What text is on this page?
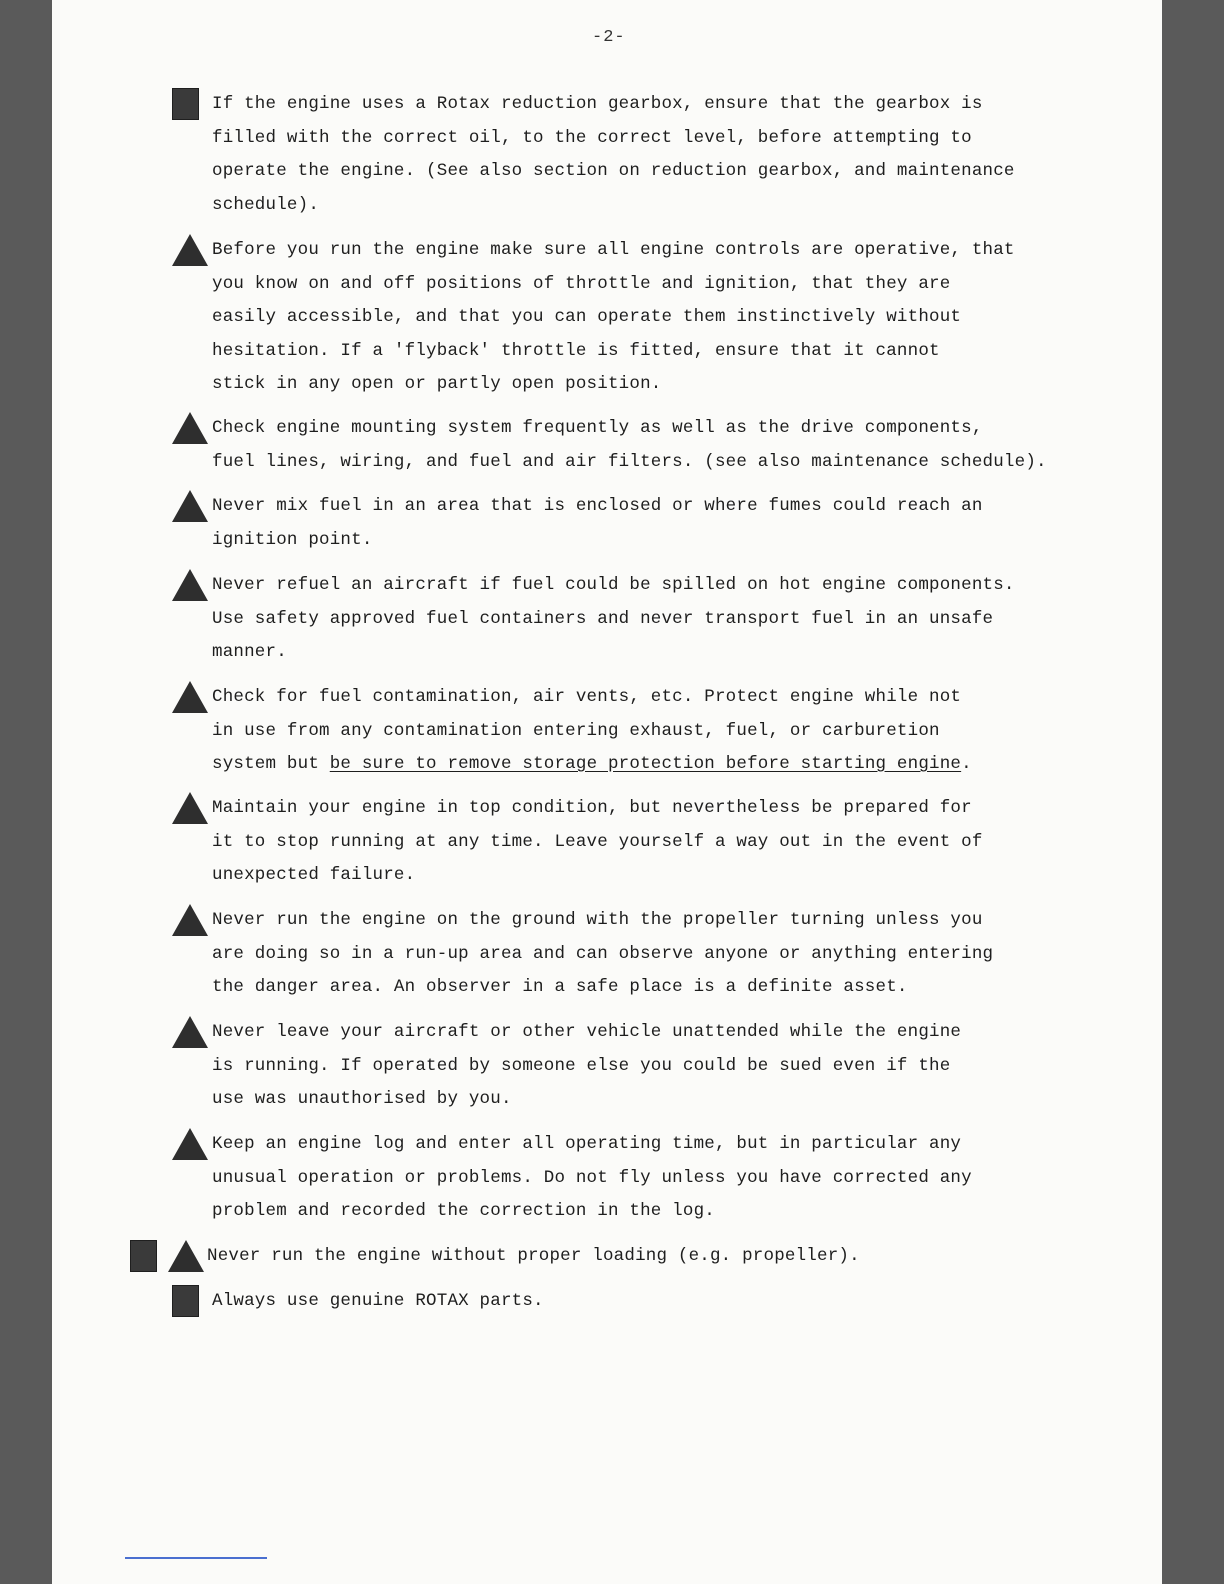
-2-
If the engine uses a Rotax reduction gearbox, ensure that the gearbox is
filled with the correct oil, to the correct level, before attempting to
operate the engine. (See also section on reduction gearbox, and maintenance
schedule).
Before you run the engine make sure all engine controls are operative, that
you know on and off positions of throttle and ignition, that they are
easily accessible, and that you can operate them instinctively without
hesitation. If a 'flyback' throttle is fitted, ensure that it cannot
stick in any open or partly open position.
Check engine mounting system frequently as well as the drive components,
fuel lines, wiring, and fuel and air filters. (see also maintenance schedule).
Never mix fuel in an area that is enclosed or where fumes could reach an
ignition point.
Never refuel an aircraft if fuel could be spilled on hot engine components.
Use safety approved fuel containers and never transport fuel in an unsafe
manner.
Check for fuel contamination, air vents, etc. Protect engine while not
in use from any contamination entering exhaust, fuel, or carburetion
system but be sure to remove storage protection before starting engine.
Maintain your engine in top condition, but nevertheless be prepared for
it to stop running at any time. Leave yourself a way out in the event of
unexpected failure.
Never run the engine on the ground with the propeller turning unless you
are doing so in a run-up area and can observe anyone or anything entering
the danger area. An observer in a safe place is a definite asset.
Never leave your aircraft or other vehicle unattended while the engine
is running. If operated by someone else you could be sued even if the
use was unauthorised by you.
Keep an engine log and enter all operating time, but in particular any
unusual operation or problems. Do not fly unless you have corrected any
problem and recorded the correction in the log.
Never run the engine without proper loading (e.g. propeller).
Always use genuine ROTAX parts.
